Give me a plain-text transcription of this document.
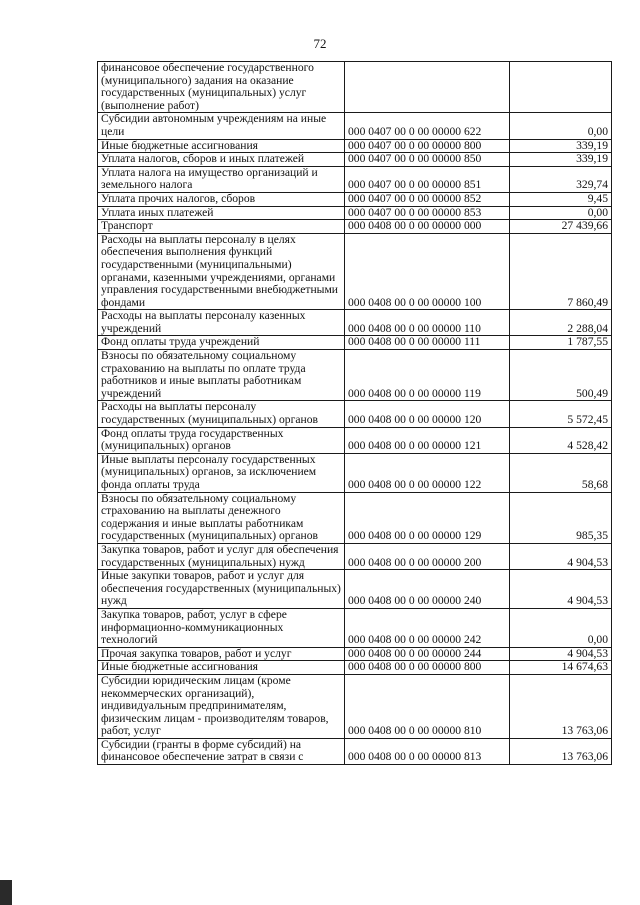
72
финансовое обеспечение государственного (муниципального) задания на оказание государственных (муниципальных) услуг (выполнение работ)		
Субсидии автономным учреждениям на иные цели	000 0407 00 0 00 00000 622	0,00
Иные бюджетные ассигнования	000 0407 00 0 00 00000 800	339,19
Уплата налогов, сборов и иных платежей	000 0407 00 0 00 00000 850	339,19
Уплата налога на имущество организаций и земельного налога	000 0407 00 0 00 00000 851	329,74
Уплата прочих налогов, сборов	000 0407 00 0 00 00000 852	9,45
Уплата иных платежей	000 0407 00 0 00 00000 853	0,00
Транспорт	000 0408 00 0 00 00000 000	27 439,66
Расходы на выплаты персоналу в целях обеспечения выполнения функций государственными (муниципальными) органами, казенными учреждениями, органами управления государственными внебюджетными фондами	000 0408 00 0 00 00000 100	7 860,49
Расходы на выплаты персоналу казенных учреждений	000 0408 00 0 00 00000 110	2 288,04
Фонд оплаты труда учреждений	000 0408 00 0 00 00000 111	1 787,55
Взносы по обязательному социальному страхованию на выплаты по оплате труда работников и иные выплаты работникам учреждений	000 0408 00 0 00 00000 119	500,49
Расходы на выплаты персоналу государственных (муниципальных) органов	000 0408 00 0 00 00000 120	5 572,45
Фонд оплаты труда государственных (муниципальных) органов	000 0408 00 0 00 00000 121	4 528,42
Иные выплаты персоналу государственных (муниципальных) органов, за исключением фонда оплаты труда	000 0408 00 0 00 00000 122	58,68
Взносы по обязательному социальному страхованию на выплаты денежного содержания и иные выплаты работникам государственных (муниципальных) органов	000 0408 00 0 00 00000 129	985,35
Закупка товаров, работ и услуг для обеспечения государственных (муниципальных) нужд	000 0408 00 0 00 00000 200	4 904,53
Иные закупки товаров, работ и услуг для обеспечения государственных (муниципальных) нужд	000 0408 00 0 00 00000 240	4 904,53
Закупка товаров, работ, услуг в сфере информационно-коммуникационных технологий	000 0408 00 0 00 00000 242	0,00
Прочая закупка товаров, работ и услуг	000 0408 00 0 00 00000 244	4 904,53
Иные бюджетные ассигнования	000 0408 00 0 00 00000 800	14 674,63
Субсидии юридическим лицам (кроме некоммерческих организаций), индивидуальным предпринимателям, физическим лицам - производителям товаров, работ, услуг	000 0408 00 0 00 00000 810	13 763,06
Субсидии (гранты в форме субсидий) на финансовое обеспечение затрат в связи с	000 0408 00 0 00 00000 813	13 763,06
